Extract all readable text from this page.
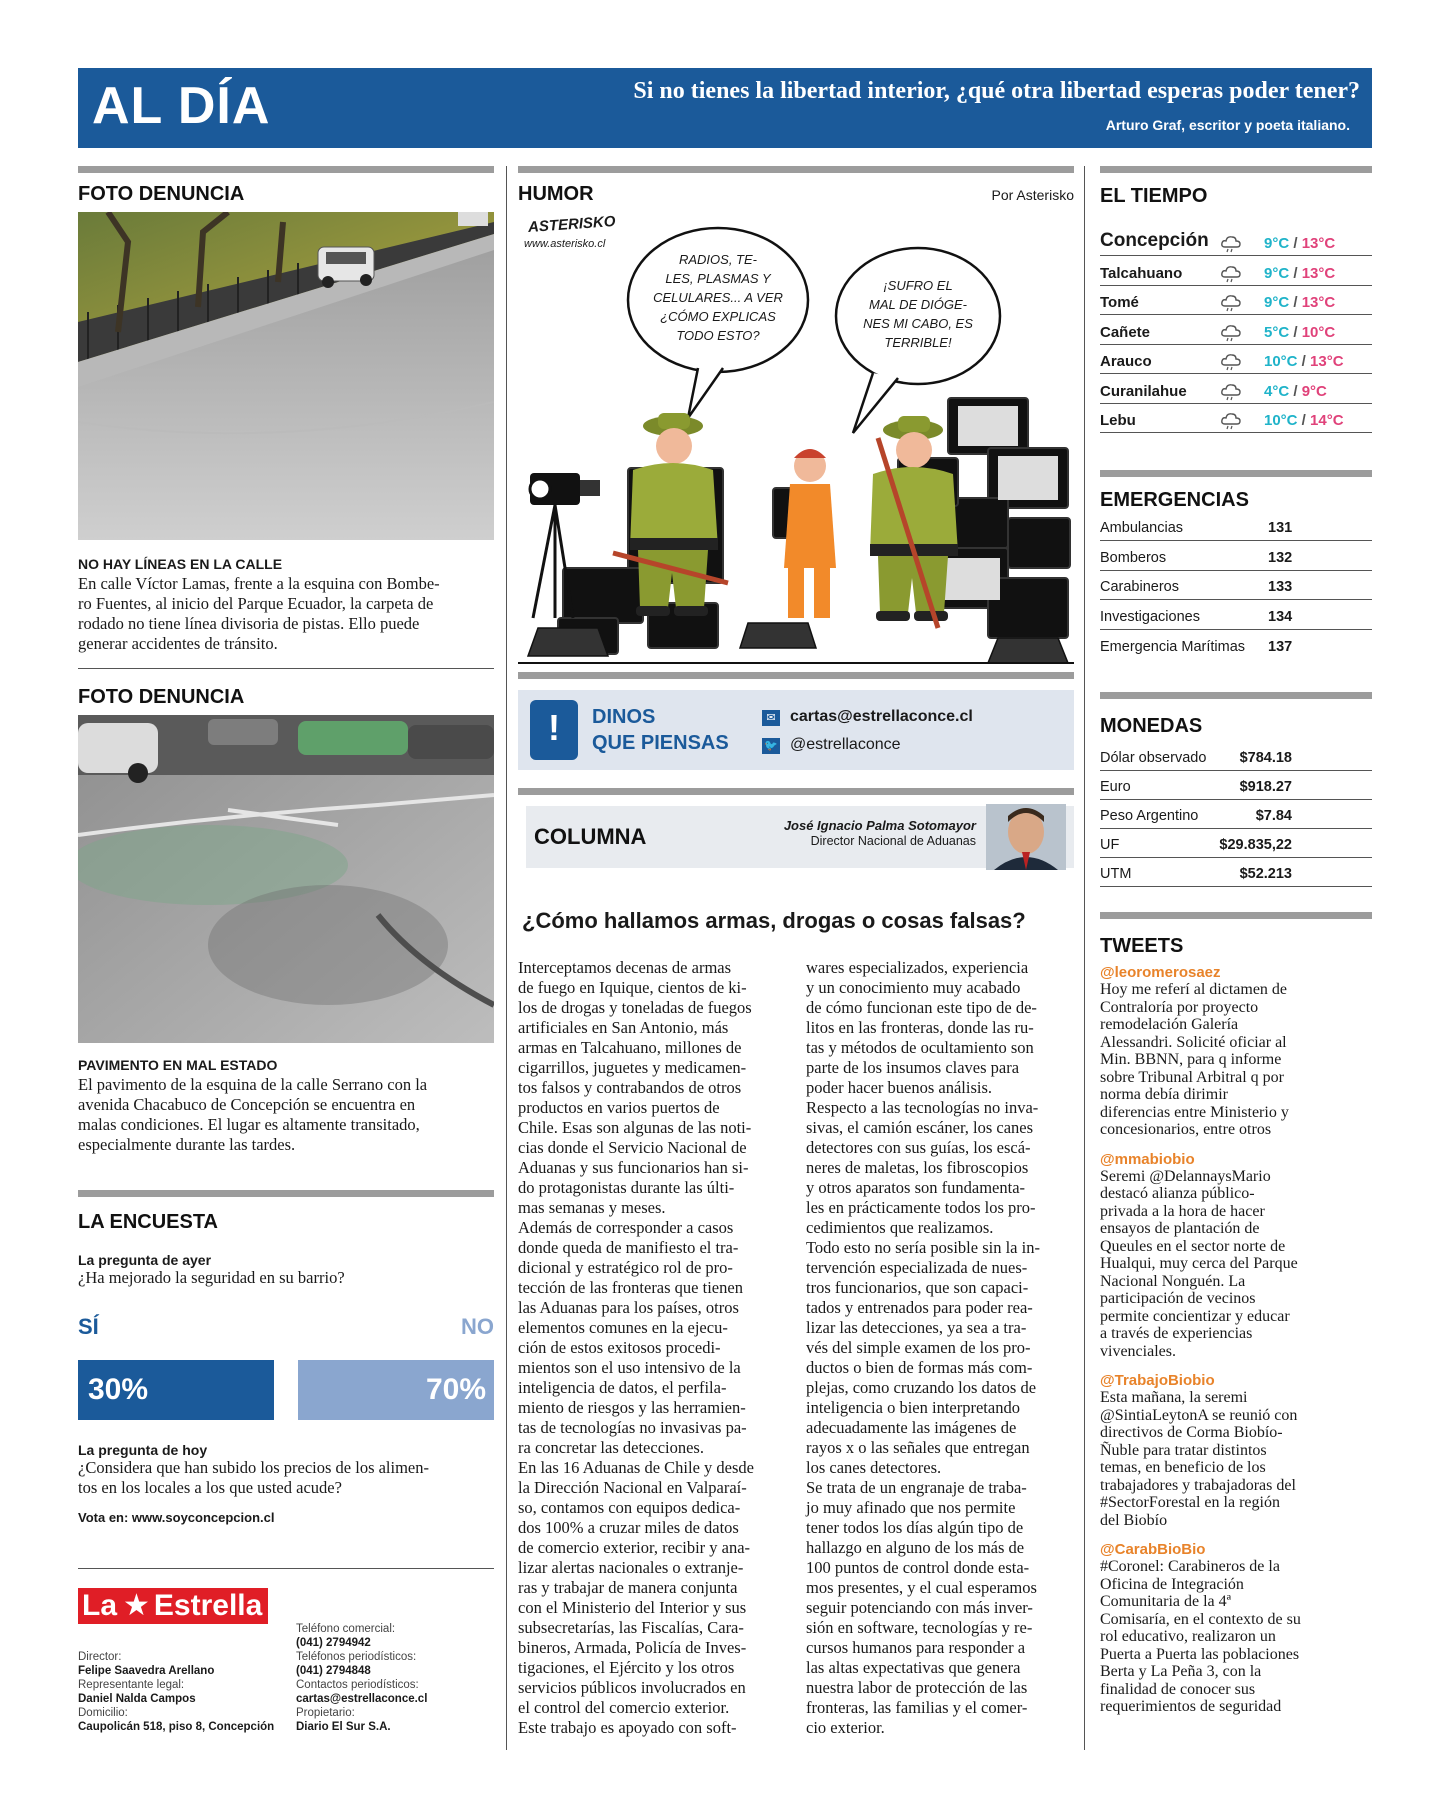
AL DÍA	Si no tienes la libertad interior, ¿qué otra libertad esperas poder tener?
Arturo Graf, escritor y poeta italiano.
FOTO DENUNCIA
NO HAY LÍNEAS EN LA CALLE
En calle Víctor Lamas, frente a la esquina con Bombe-
ro Fuentes, al inicio del Parque Ecuador, la carpeta de
rodado no tiene línea divisoria de pistas. Ello puede
generar accidentes de tránsito.
FOTO DENUNCIA
PAVIMENTO EN MAL ESTADO
El pavimento de la esquina de la calle Serrano con la
avenida Chacabuco de Concepción se encuentra en
malas condiciones. El lugar es altamente transitado,
especialmente durante las tardes.
LA ENCUESTA
La pregunta de ayer
¿Ha mejorado la seguridad en su barrio?
SÍ	NO
30%	70%
La pregunta de hoy
¿Considera que han subido los precios de los alimen-
tos en los locales a los que usted acude?
Vota en: www.soyconcepcion.cl
La ★ Estrella
Director:
Felipe Saavedra Arellano
Representante legal:
Daniel Nalda Campos
Domicilio:
Caupolicán 518, piso 8, Concepción
Teléfono comercial:
(041) 2794942
Teléfonos periodísticos:
(041) 2794848
Contactos periodísticos:
cartas@estrellaconce.cl
Propietario:
Diario El Sur S.A.
HUMOR	Por Asterisko
ASTERISKO
www.asterisko.cl
RADIOS, TE-
LES, PLASMAS Y
CELULARES... A VER
¿CÓMO EXPLICAS
TODO ESTO?
¡SUFRO EL
MAL DE DIÓGE-
NES MI CABO, ES
TERRIBLE!
!	DINOS
QUE PIENSAS
✉ cartas@estrellaconce.cl
🐦 @estrellaconce
COLUMNA	José Ignacio Palma Sotomayor
Director Nacional de Aduanas
¿Cómo hallamos armas, drogas o cosas falsas?
Interceptamos decenas de armas
de fuego en Iquique, cientos de ki-
los de drogas y toneladas de fuegos
artificiales en San Antonio, más
armas en Talcahuano, millones de
cigarrillos, juguetes y medicamen-
tos falsos y contrabandos de otros
productos en varios puertos de
Chile. Esas son algunas de las noti-
cias donde el Servicio Nacional de
Aduanas y sus funcionarios han si-
do protagonistas durante las últi-
mas semanas y meses.
Además de corresponder a casos
donde queda de manifiesto el tra-
dicional y estratégico rol de pro-
tección de las fronteras que tienen
las Aduanas para los países, otros
elementos comunes en la ejecu-
ción de estos exitosos procedi-
mientos son el uso intensivo de la
inteligencia de datos, el perfila-
miento de riesgos y las herramien-
tas de tecnologías no invasivas pa-
ra concretar las detecciones.
En las 16 Aduanas de Chile y desde
la Dirección Nacional en Valparaí-
so, contamos con equipos dedica-
dos 100% a cruzar miles de datos
de comercio exterior, recibir y ana-
lizar alertas nacionales o extranje-
ras y trabajar de manera conjunta
con el Ministerio del Interior y sus
subsecretarías, las Fiscalías, Cara-
bineros, Armada, Policía de Inves-
tigaciones, el Ejército y los otros
servicios públicos involucrados en
el control del comercio exterior.
Este trabajo es apoyado con soft-
wares especializados, experiencia
y un conocimiento muy acabado
de cómo funcionan este tipo de de-
litos en las fronteras, donde las ru-
tas y métodos de ocultamiento son
parte de los insumos claves para
poder hacer buenos análisis.
Respecto a las tecnologías no inva-
sivas, el camión escáner, los canes
detectores con sus guías, los escá-
neres de maletas, los fibroscopios
y otros aparatos son fundamenta-
les en prácticamente todos los pro-
cedimientos que realizamos.
Todo esto no sería posible sin la in-
tervención especializada de nues-
tros funcionarios, que son capaci-
tados y entrenados para poder rea-
lizar las detecciones, ya sea a tra-
vés del simple examen de los pro-
ductos o bien de formas más com-
plejas, como cruzando los datos de
inteligencia o bien interpretando
adecuadamente las imágenes de
rayos x o las señales que entregan
los canes detectores.
Se trata de un engranaje de traba-
jo muy afinado que nos permite
tener todos los días algún tipo de
hallazgo en alguno de los más de
100 puntos de control donde esta-
mos presentes, y el cual esperamos
seguir potenciando con más inver-
sión en software, tecnologías y re-
cursos humanos para responder a
las altas expectativas que genera
nuestra labor de protección de las
fronteras, las familias y el comer-
cio exterior.
EL TIEMPO
Concepción	9°C / 13°C
Talcahuano	9°C / 13°C
Tomé	9°C / 13°C
Cañete	5°C / 10°C
Arauco	10°C / 13°C
Curanilahue	4°C / 9°C
Lebu	10°C / 14°C
EMERGENCIAS
Ambulancias	131
Bomberos	132
Carabineros	133
Investigaciones	134
Emergencia Marítimas 137
MONEDAS
Dólar observado $784.18
Euro	$918.27
Peso Argentino	$7.84
UF	$29.835,22
UTM	$52.213
TWEETS
@leoromerosaez
Hoy me referí al dictamen de
Contraloría por proyecto
remodelación Galería
Alessandri. Solicité oficiar al
Min. BBNN, para q informe
sobre Tribunal Arbitral q por
norma debía dirimir
diferencias entre Ministerio y
concesionarios, entre otros
@mmabiobio
Seremi @DelannaysMario
destacó alianza público-
privada a la hora de hacer
ensayos de plantación de
Queules en el sector norte de
Hualqui, muy cerca del Parque
Nacional Nonguén. La
participación de vecinos
permite concientizar y educar
a través de experiencias
vivenciales.
@TrabajoBiobio
Esta mañana, la seremi
@SintiaLeytonA se reunió con
directivos de Corma Biobío-
Ñuble para tratar distintos
temas, en beneficio de los
trabajadores y trabajadoras del
#SectorForestal en la región
del Biobío
@CarabBioBio
#Coronel: Carabineros de la
Oficina de Integración
Comunitaria de la 4ª
Comisaría, en el contexto de su
rol educativo, realizaron un
Puerta a Puerta las poblaciones
Berta y La Peña 3, con la
finalidad de conocer sus
requerimientos de seguridad
